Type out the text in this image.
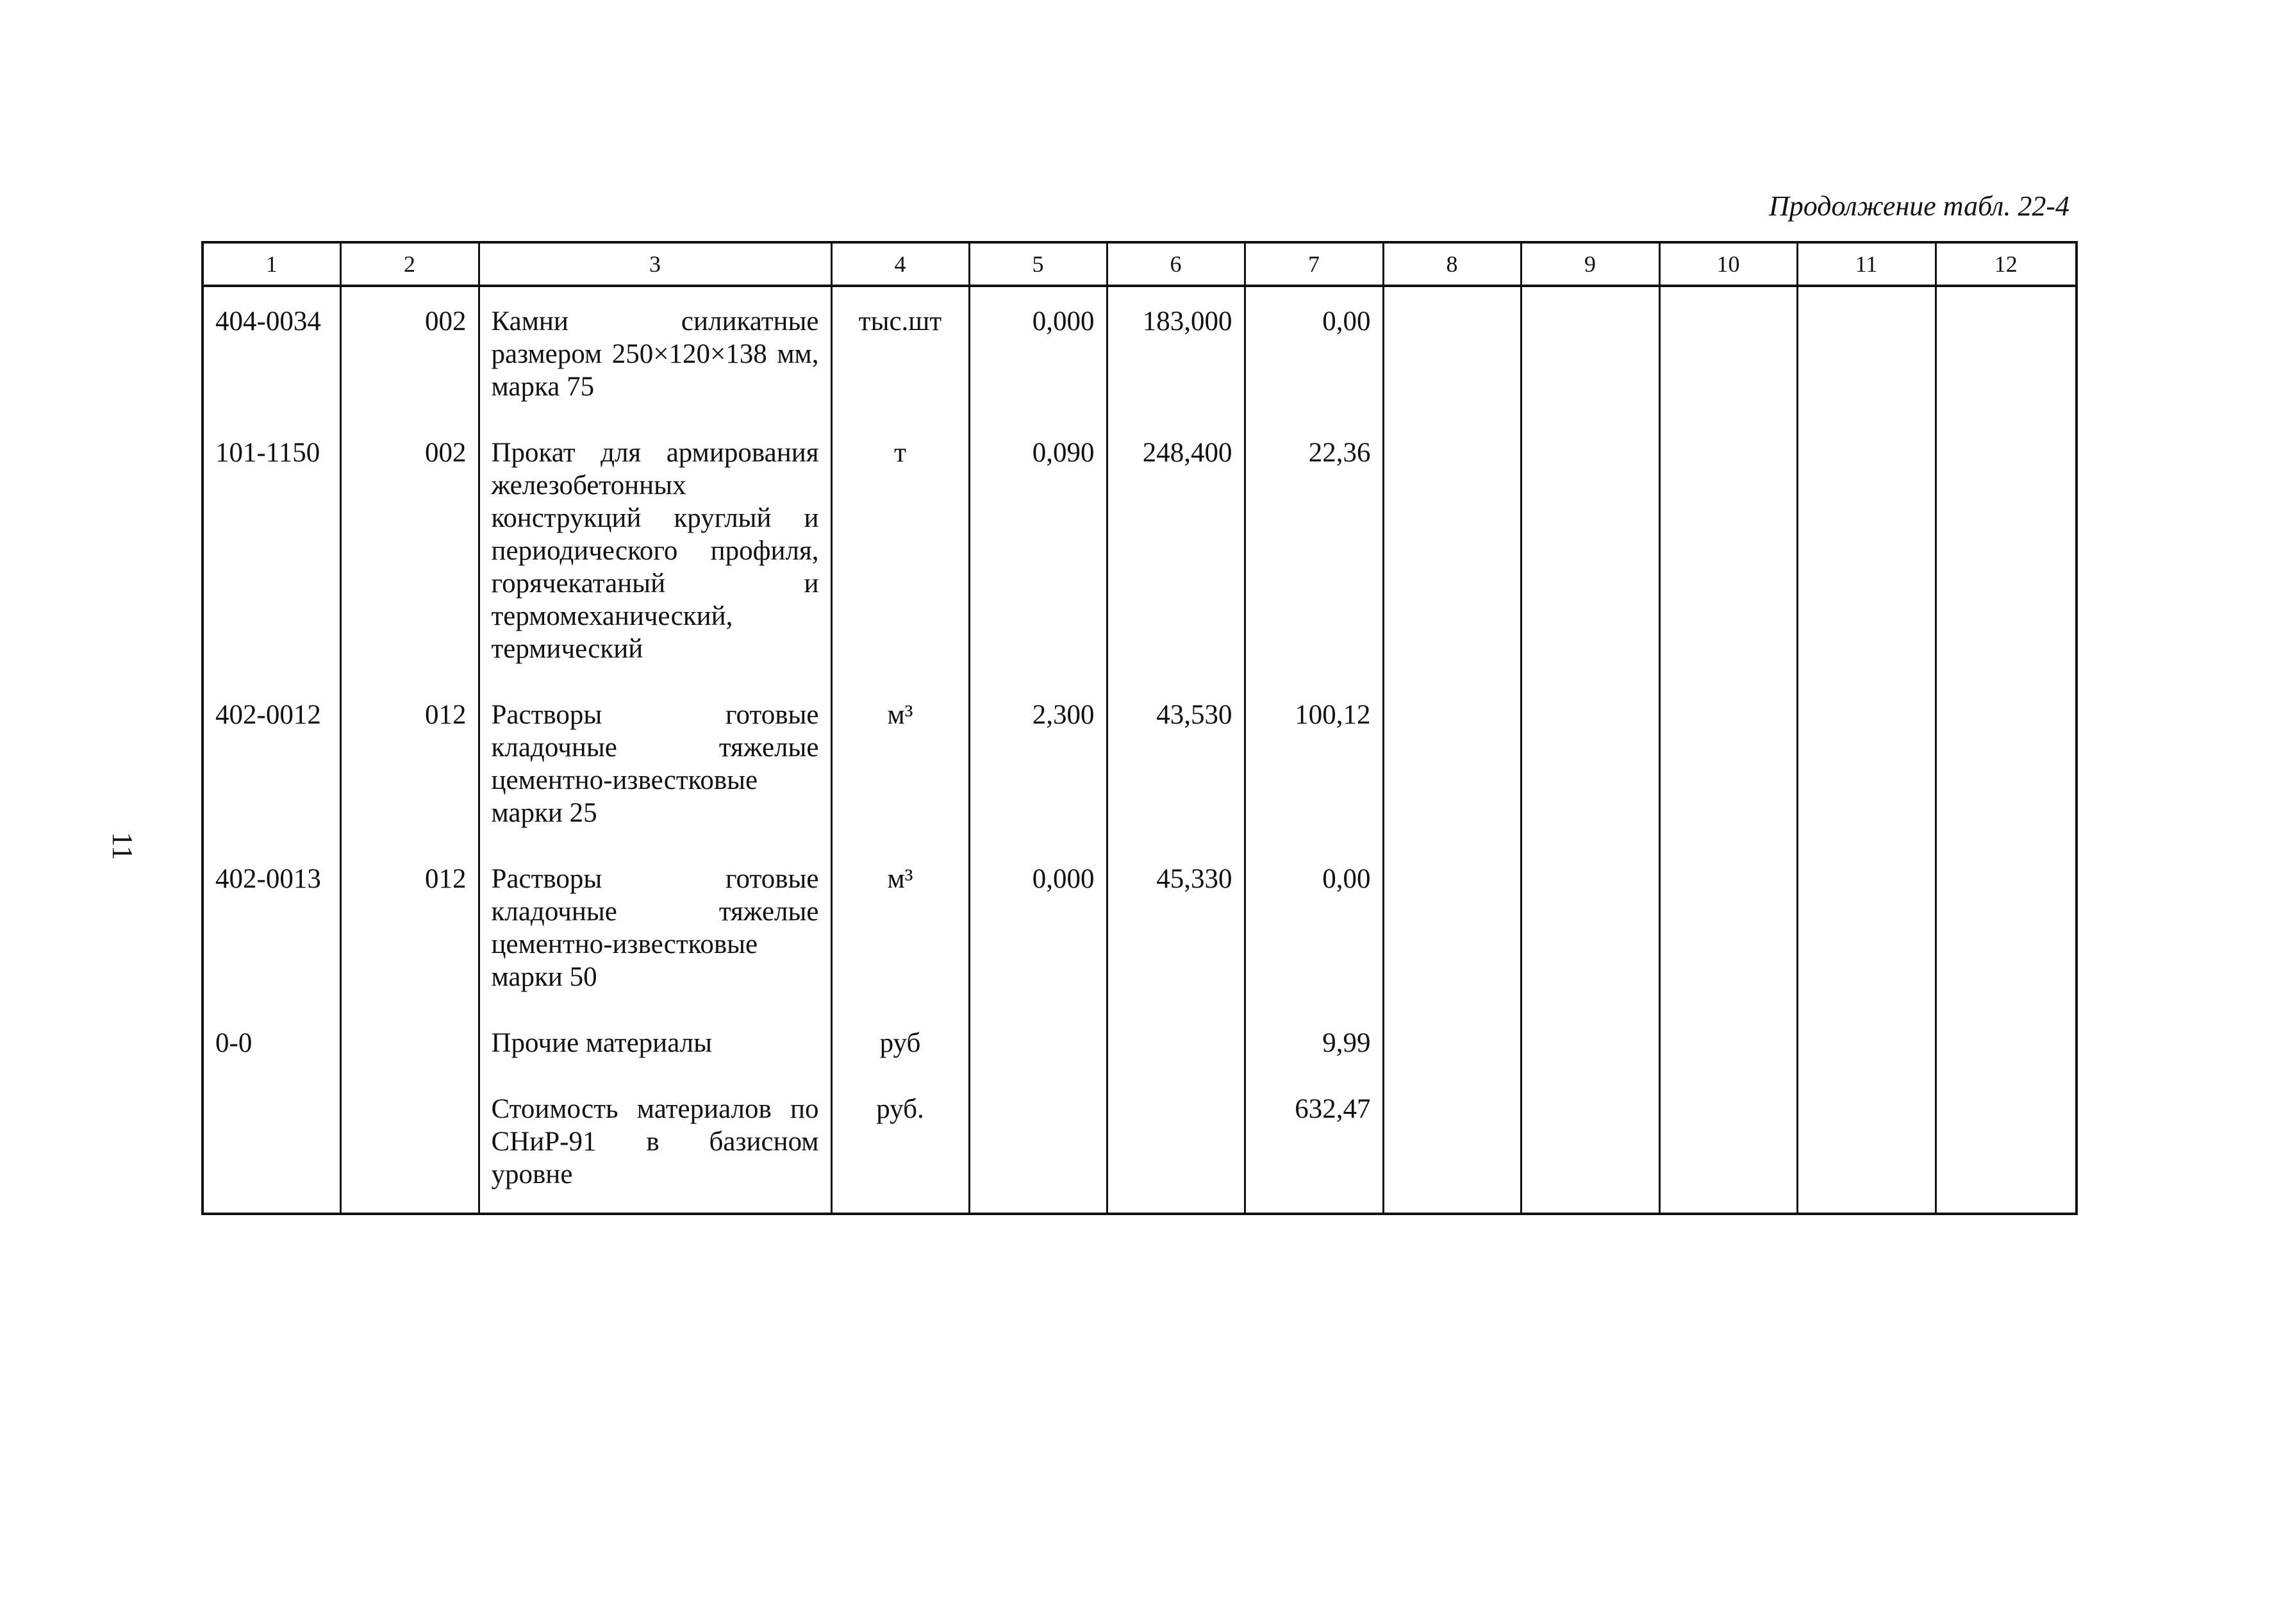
Продолжение табл. 22-4
11
1	2	3	4	5	6	7	8	9	10	11	12
404-0034	002	Камни силикатные размером 250×120×138 мм, марка 75	тыс.шт	0,000	183,000	0,00					
101-1150	002	Прокат для армирования железобетонных конструкций круглый и периодического профиля, горячекатаный и термомеханический, термический	т	0,090	248,400	22,36					
402-0012	012	Растворы готовые кладочные тяжелые цементно-известковые марки 25	м³	2,300	43,530	100,12					
402-0013	012	Растворы готовые кладочные тяжелые цементно-известковые марки 50	м³	0,000	45,330	0,00					
0-0		Прочие материалы	руб			9,99					
		Стоимость материалов по СНиР-91 в базисном уровне	руб.			632,47					
